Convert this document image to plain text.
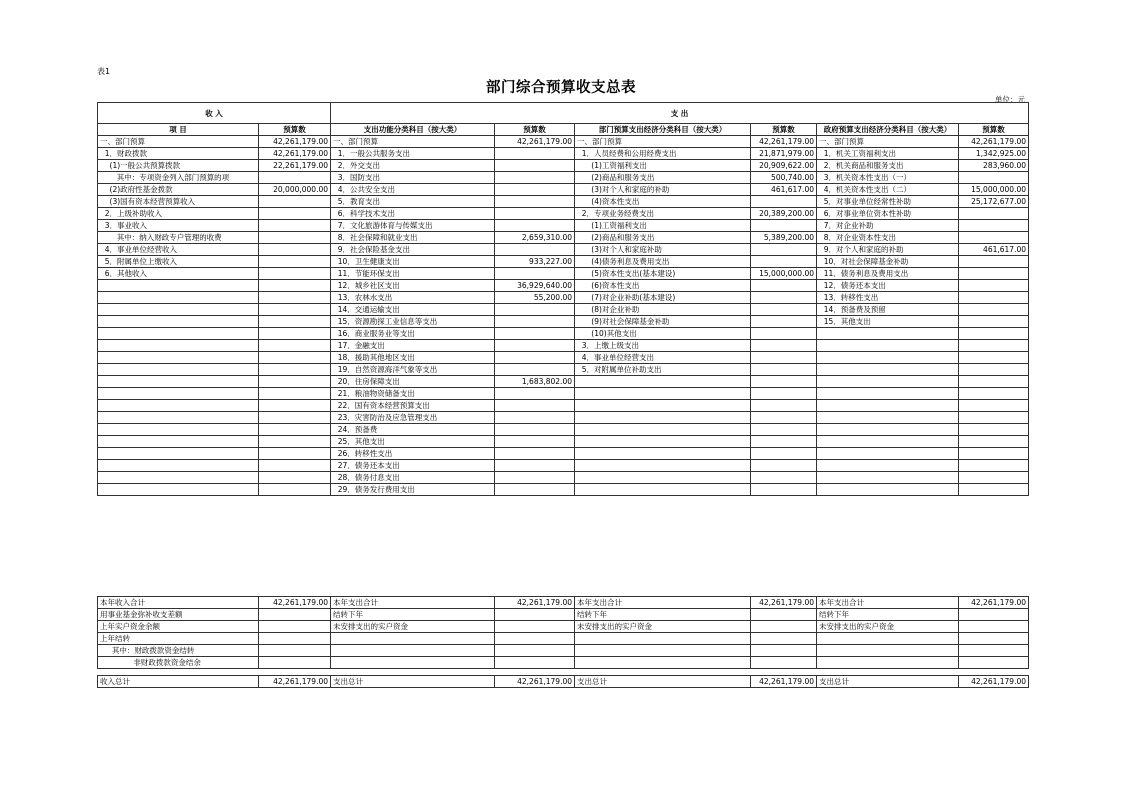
表1
部门综合预算收支总表
单位：元
收 入		支 出					
项 目	预算数	支出功能分类科目（按大类）	预算数	部门预算支出经济分类科目（按大类）	预算数	政府预算支出经济分类科目（按大类）	预算数
一、部门预算	42,261,179.00	一、部门预算	42,261,179.00	一、部门预算	42,261,179.00	一、部门预算	42,261,179.00
1．财政拨款	42,261,179.00	1．一般公共服务支出		1．人员经费和公用经费支出	21,871,979.00	1．机关工资福利支出	1,342,925.00
(1)一般公共预算拨款	22,261,179.00	2．外交支出		(1)工资福利支出	20,909,622.00	2．机关商品和服务支出	283,960.00
其中：专项资金列入部门预算的项		3．国防支出		(2)商品和服务支出	500,740.00	3．机关资本性支出（一）	
(2)政府性基金拨款	20,000,000.00	4．公共安全支出		(3)对个人和家庭的补助	461,617.00	4．机关资本性支出（二）	15,000,000.00
(3)国有资本经营预算收入		5．教育支出		(4)资本性支出		5．对事业单位经常性补助	25,172,677.00
2．上级补助收入		6．科学技术支出		2．专项业务经费支出	20,389,200.00	6．对事业单位资本性补助	
3．事业收入		7．文化旅游体育与传媒支出		(1)工资福利支出		7．对企业补助	
其中：纳入财政专户管理的收费		8．社会保障和就业支出	2,659,310.00	(2)商品和服务支出	5,389,200.00	8．对企业资本性支出	
4．事业单位经营收入		9．社会保险基金支出		(3)对个人和家庭补助		9．对个人和家庭的补助	461,617.00
5．附属单位上缴收入		10．卫生健康支出	933,227.00	(4)债务利息及费用支出		10．对社会保障基金补助	
6．其他收入		11．节能环保支出		(5)资本性支出(基本建设)	15,000,000.00	11．债务利息及费用支出	
		12．城乡社区支出	36,929,640.00	(6)资本性支出		12．债务还本支出	
		13．农林水支出	55,200.00	(7)对企业补助(基本建设)		13．转移性支出	
		14．交通运输支出		(8)对企业补助		14．预备费及预留	
		15．资源勘探工业信息等支出		(9)对社会保障基金补助		15．其他支出	
		16．商业服务业等支出		(10)其他支出			
		17．金融支出		3．上缴上级支出			
		18．援助其他地区支出		4．事业单位经营支出			
		19．自然资源海洋气象等支出		5．对附属单位补助支出			
		20．住房保障支出	1,683,802.00				
		21．粮油物资储备支出					
		22．国有资本经营预算支出					
		23．灾害防治及应急管理支出					
		24．预备费					
		25．其他支出					
		26．转移性支出					
		27．债务还本支出					
		28．债务付息支出					
		29．债务发行费用支出					
本年收入合计	42,261,179.00	本年支出合计	42,261,179.00	本年支出合计	42,261,179.00	本年支出合计	42,261,179.00
用事业基金弥补收支差额		结转下年		结转下年		结转下年	
上年实户资金余额		未安排支出的实户资金		未安排支出的实户资金		未安排支出的实户资金	
上年结转							
其中：财政拨款资金结转							
非财政拨款资金结余							
收入总计	42,261,179.00	支出总计	42,261,179.00	支出总计	42,261,179.00	支出总计	42,261,179.00
